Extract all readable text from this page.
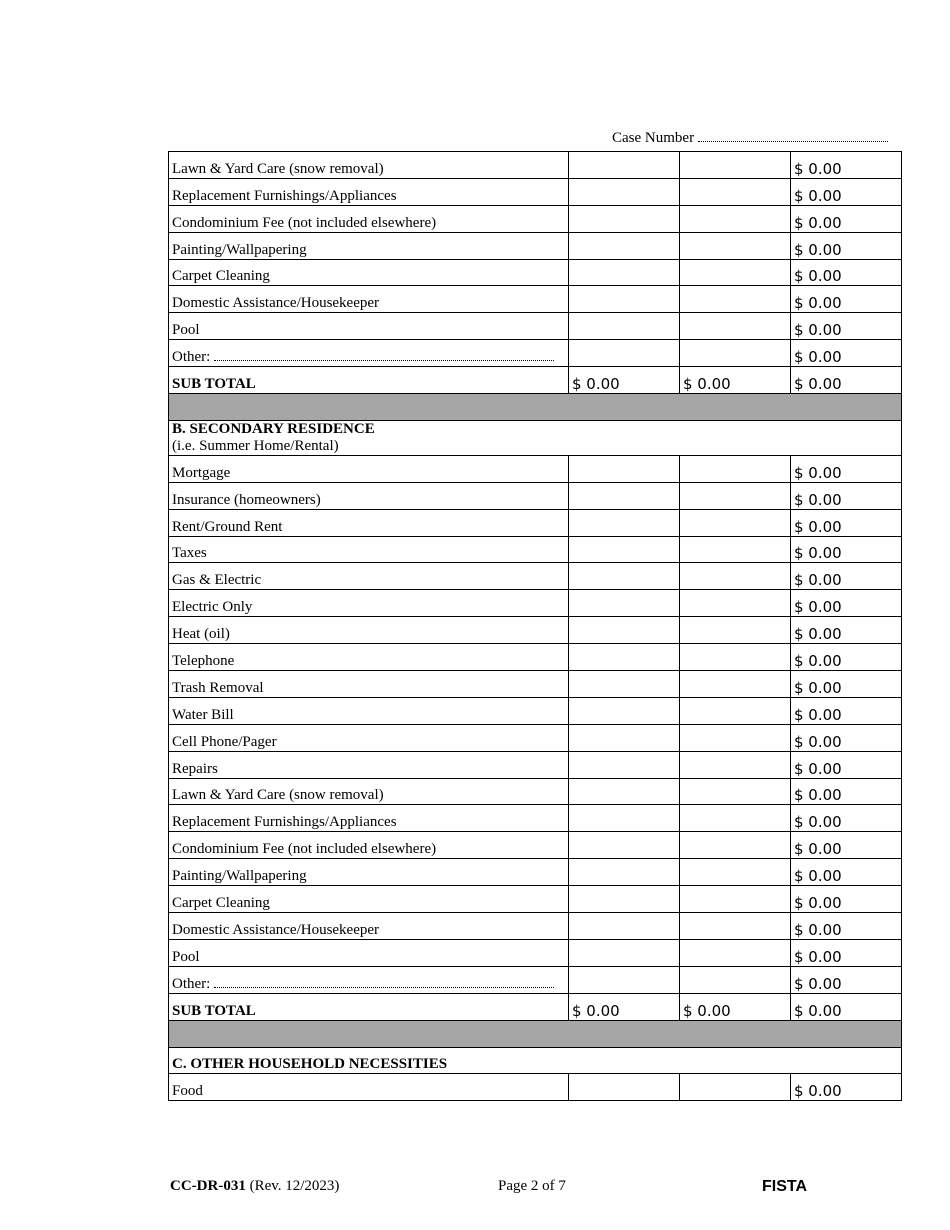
Case Number
Lawn & Yard Care (snow removal)			$ 0.00
Replacement Furnishings/Appliances			$ 0.00
Condominium Fee (not included elsewhere)			$ 0.00
Painting/Wallpapering			$ 0.00
Carpet Cleaning			$ 0.00
Domestic Assistance/Housekeeper			$ 0.00
Pool			$ 0.00
Other:			$ 0.00
SUB TOTAL	$ 0.00	$ 0.00	$ 0.00

B. SECONDARY RESIDENCE
(i.e. Summer Home/Rental)			

Mortgage			$ 0.00
Insurance (homeowners)			$ 0.00
Rent/Ground Rent			$ 0.00
Taxes			$ 0.00
Gas & Electric			$ 0.00
Electric Only			$ 0.00
Heat (oil)			$ 0.00
Telephone			$ 0.00
Trash Removal			$ 0.00
Water Bill			$ 0.00
Cell Phone/Pager			$ 0.00
Repairs			$ 0.00
Lawn & Yard Care (snow removal)			$ 0.00
Replacement Furnishings/Appliances			$ 0.00
Condominium Fee (not included elsewhere)			$ 0.00
Painting/Wallpapering			$ 0.00
Carpet Cleaning			$ 0.00
Domestic Assistance/Housekeeper			$ 0.00
Pool			$ 0.00
Other:			$ 0.00
SUB TOTAL	$ 0.00	$ 0.00	$ 0.00

C. OTHER HOUSEHOLD NECESSITIES			

Food			$ 0.00
CC-DR-031 (Rev. 12/2023)	Page 2 of 7	FISTA
